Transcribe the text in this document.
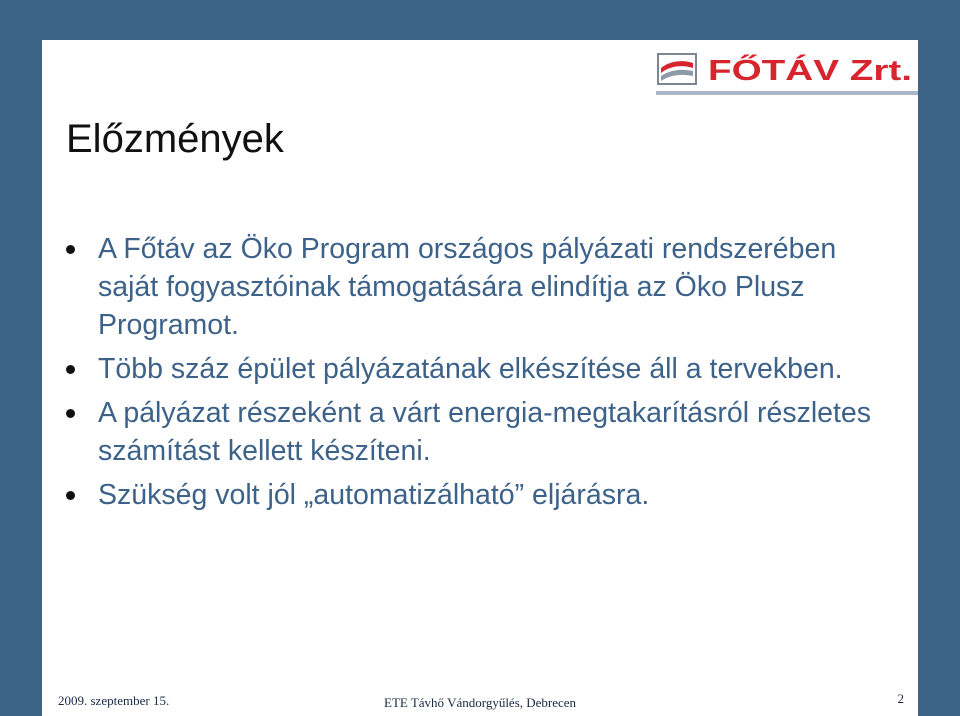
FŐTÁV Zrt.
Előzmények
A Főtáv az Öko Program országos pályázati rendszerében saját fogyasztóinak támogatására elindítja az Öko Plusz Programot.
Több száz épület pályázatának elkészítése áll a tervekben.
A pályázat részeként a várt energia-megtakarításról részletes számítást kellett készíteni.
Szükség volt jól „automatizálható” eljárásra.
2009. szeptember 15.	ETE Távhő Vándorgyűlés, Debrecen	2
